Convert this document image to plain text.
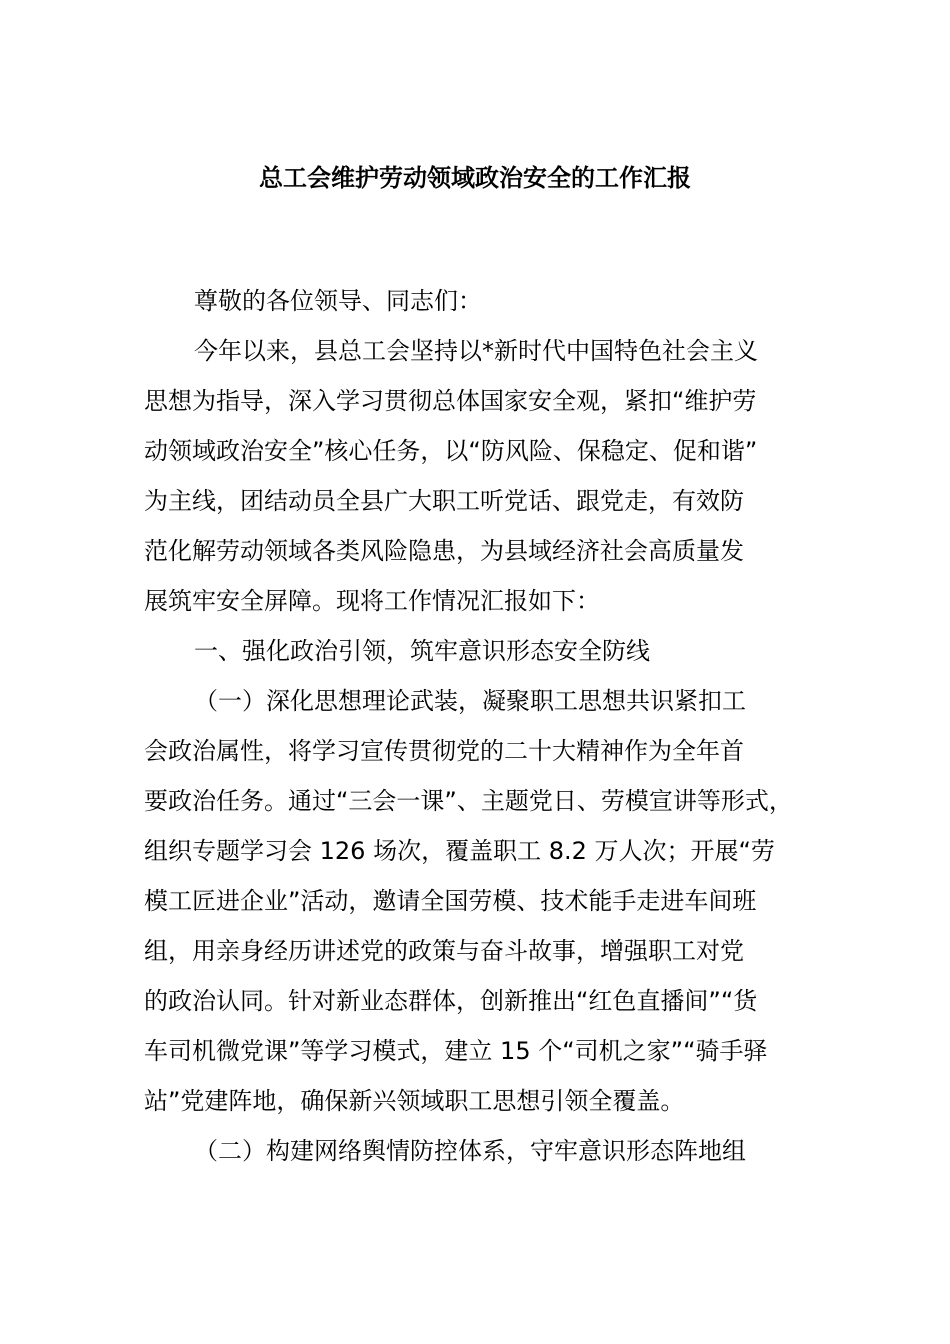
总工会维护劳动领域政治安全的工作汇报

尊敬的各位领导、同志们：

今年以来，县总工会坚持以*新时代中国特色社会主义

思想为指导，深入学习贯彻总体国家安全观，紧扣“维护劳

动领域政治安全”核心任务，以“防风险、保稳定、促和谐”

为主线，团结动员全县广大职工听党话、跟党走，有效防

范化解劳动领域各类风险隐患，为县域经济社会高质量发

展筑牢安全屏障。现将工作情况汇报如下：

一、强化政治引领，筑牢意识形态安全防线

（一）深化思想理论武装，凝聚职工思想共识紧扣工

会政治属性，将学习宣传贯彻党的二十大精神作为全年首

要政治任务。通过“三会一课”、主题党日、劳模宣讲等形式，

组织专题学习会 126 场次，覆盖职工 8.2 万人次；开展“劳

模工匠进企业”活动，邀请全国劳模、技术能手走进车间班

组，用亲身经历讲述党的政策与奋斗故事，增强职工对党

的政治认同。针对新业态群体，创新推出“红色直播间”“货

车司机微党课”等学习模式，建立 15 个“司机之家”“骑手驿

站”党建阵地，确保新兴领域职工思想引领全覆盖。

（二）构建网络舆情防控体系，守牢意识形态阵地组
